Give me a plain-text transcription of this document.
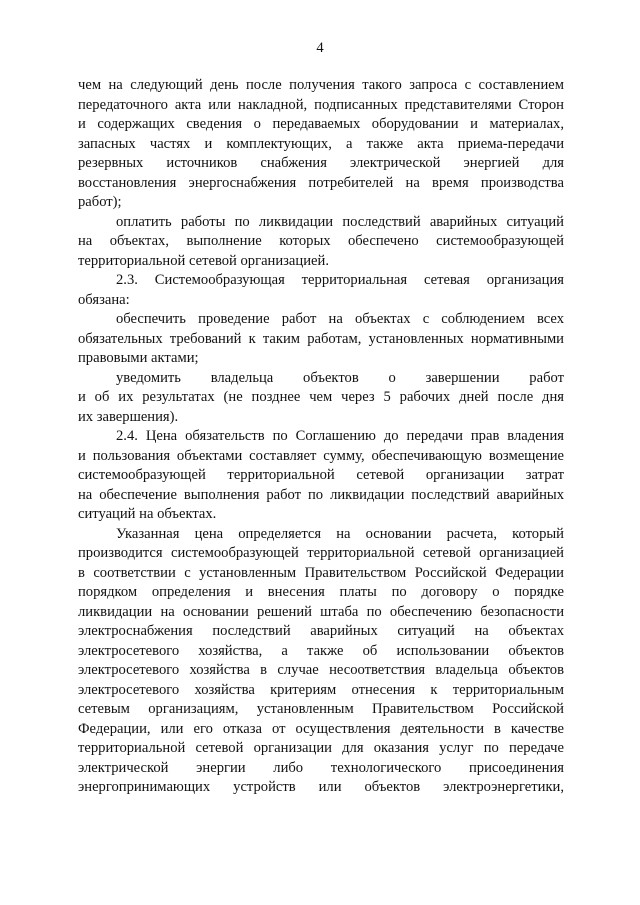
4
чем на следующий день после получения такого запроса с составлением
передаточного акта или накладной, подписанных представителями Сторон
и содержащих сведения о передаваемых оборудовании и материалах,
запасных частях и комплектующих, а также акта приема-передачи
резервных источников снабжения электрической энергией для
восстановления энергоснабжения потребителей на время производства
работ);
оплатить работы по ликвидации последствий аварийных ситуаций
на объектах, выполнение которых обеспечено системообразующей
территориальной сетевой организацией.
2.3. Системообразующая территориальная сетевая организация
обязана:
обеспечить проведение работ на объектах с соблюдением всех
обязательных требований к таким работам, установленных нормативными
правовыми актами;
уведомить владельца объектов о завершении работ
и об их результатах (не позднее чем через 5 рабочих дней после дня
их завершения).
2.4. Цена обязательств по Соглашению до передачи прав владения
и пользования объектами составляет сумму, обеспечивающую возмещение
системообразующей территориальной сетевой организации затрат
на обеспечение выполнения работ по ликвидации последствий аварийных
ситуаций на объектах.
Указанная цена определяется на основании расчета, который
производится системообразующей территориальной сетевой организацией
в соответствии с установленным Правительством Российской Федерации
порядком определения и внесения платы по договору о порядке
ликвидации на основании решений штаба по обеспечению безопасности
электроснабжения последствий аварийных ситуаций на объектах
электросетевого хозяйства, а также об использовании объектов
электросетевого хозяйства в случае несоответствия владельца объектов
электросетевого хозяйства критериям отнесения к территориальным
сетевым организациям, установленным Правительством Российской
Федерации, или его отказа от осуществления деятельности в качестве
территориальной сетевой организации для оказания услуг по передаче
электрической энергии либо технологического присоединения
энергопринимающих устройств или объектов электроэнергетики,
